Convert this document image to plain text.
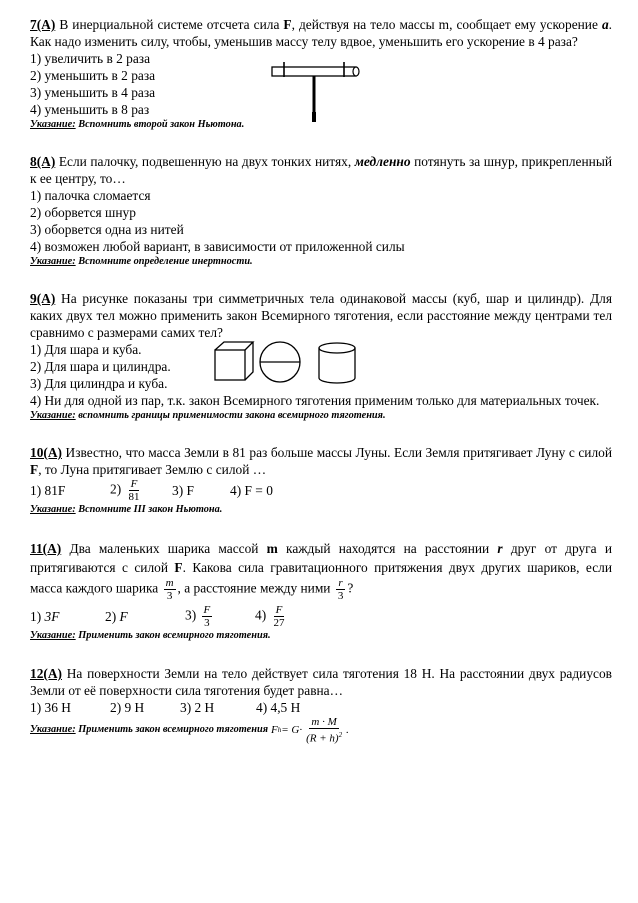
7(А) В инерциальной системе отсчета сила F, действуя на тело массы m, сообщает ему ускорение a. Как надо изменить силу, чтобы, уменьшив массу телу вдвое, уменьшить его ускорение в 4 раза?

1) увеличить в 2 раза

2) уменьшить в 2 раза

3) уменьшить в 4 раза

4) уменьшить в 8 раз

Указание: Вспомнить второй закон Ньютона.

8(А) Если палочку, подвешенную на двух тонких нитях, медленно потянуть за шнур, прикрепленный к ее центру, то…

1) палочка сломается

2) оборвется шнур

3) оборвется одна из нитей

4) возможен любой вариант, в зависимости от приложенной силы

Указание: Вспомните определение инертности.

9(А) На рисунке показаны три симметричных тела одинаковой массы (куб, шар и цилиндр). Для каких двух тел можно применить закон Всемирного тяготения, если расстояние между центрами тел сравнимо с размерами самих тел?

1) Для шара и куба.

2) Для шара и цилиндра.

3) Для цилиндра и куба.

4) Ни для одной из пар, т.к. закон Всемирного тяготения применим только для материальных точек.

Указание: вспомнить границы применимости закона всемирного тяготения.

10(А) Известно, что масса Земли в 81 раз больше массы Луны. Если Земля притягивает Луну с силой F, то Луна притягивает Землю с силой …

1) 81F	$2) \frac{F}{81} 3$) F	4) F = 0

Указание: Вспомните III закон Ньютона.

11(А) Два маленьких шарика массой m каждый находятся на расстоянии r друг от друга и притягиваются с силой F. Какова сила гравитационного притяжения двух других шариков, если масса каждого шарика $\frac{m}{3}$ , а расстояние между ними $\frac{r}{3}$ ?

1) 3F	2) F	$3) \frac{F}{3}$	$4) \frac{F}{27}$

Указание: Применить закон всемирного тяготения.

12(А) На поверхности Земли на тело действует сила тяготения 18 Н. На расстоянии двух радиусов Земли от её поверхности сила тяготения будет равна…

1) 36 Н	2) 9 Н	3) 2 Н	4) 4,5 Н
Указание: Применить закон всемирного тяготения F $h = G\cdot \frac{m \cdot M}{(R + h)^2}$ .
